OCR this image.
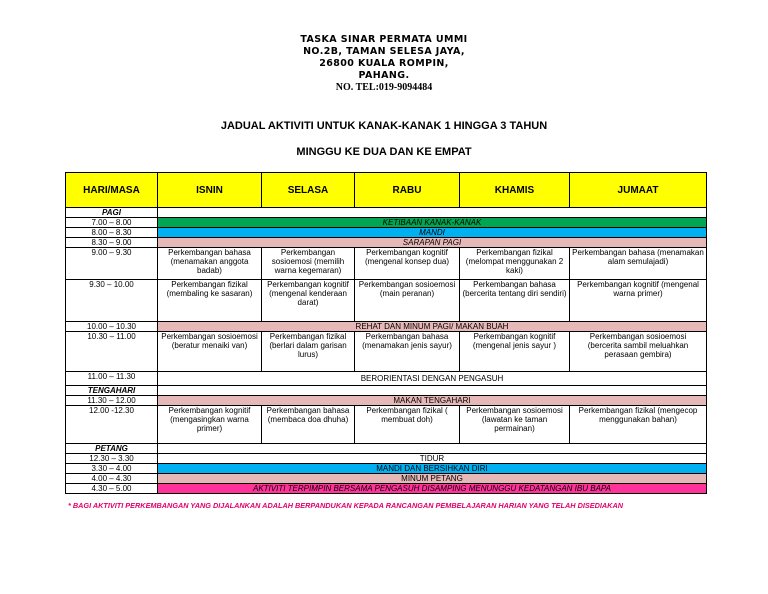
TASKA SINAR PERMATA UMMI
NO.2B, TAMAN SELESA JAYA,
26800 KUALA ROMPIN,
PAHANG.
NO. TEL:019-9094484
JADUAL AKTIVITI UNTUK KANAK-KANAK 1 HINGGA 3 TAHUN
MINGGU KE DUA DAN KE EMPAT
HARI/MASA	ISNIN	SELASA	RABU	KHAMIS	JUMAAT
PAGI					
7.00 – 8.00	KETIBAAN KANAK-KANAK				
8.00 – 8.30	MANDI				
8.30 – 9.00	SARAPAN PAGI				
9.00 – 9.30	Perkembangan bahasa (menamakan anggota badab)	Perkembangan sosioemosi (memilih warna kegemaran)	Perkembangan kognitif (mengenal konsep dua)	Perkembangan fizikal (melompat menggunakan 2 kaki)	Perkembangan bahasa (menamakan alam semulajadi)
9.30 – 10.00	Perkembangan fizikal (membaling ke sasaran)	Perkembangan kognitif (mengenal kenderaan darat)	Perkembangan sosioemosi (main peranan)	Perkembangan bahasa (bercerita tentang diri sendiri)	Perkembangan kognitif (mengenal warna primer)
10.00 – 10.30	REHAT DAN MINUM PAGI/ MAKAN BUAH				
10.30 – 11.00	Perkembangan sosioemosi (beratur menaiki van)	Perkembangan fizikal (berlari dalam garisan lurus)	Perkembangan bahasa (menamakan jenis sayur)	Perkembangan kognitif (mengenal jenis sayur )	Perkembangan sosioemosi (bercerita sambil meluahkan perasaan gembira)
11.00 – 11.30	BERORIENTASI DENGAN PENGASUH				
TENGAHARI					
11.30 – 12.00	MAKAN TENGAHARI				
12.00 -12.30	Perkembangan kognitif (mengasingkan warna primer)	Perkembangan bahasa (membaca doa dhuha)	Perkembangan fizikal ( membuat doh)	Perkembangan sosioemosi (lawatan ke taman permainan)	Perkembangan fizikal (mengecop menggunakan bahan)
PETANG					
12.30 – 3.30	TIDUR				
3.30 – 4.00	MANDI DAN BERSIHKAN DIRI				
4.00 – 4.30	MINUM PETANG				
4.30 – 5.00	AKTIVITI TERPIMPIN BERSAMA PENGASUH DISAMPING MENUNGGU KEDATANGAN IBU BAPA				
* BAGI AKTIVITI PERKEMBANGAN YANG DIJALANKAN ADALAH BERPANDUKAN KEPADA RANCANGAN PEMBELAJARAN HARIAN YANG TELAH DISEDIAKAN
